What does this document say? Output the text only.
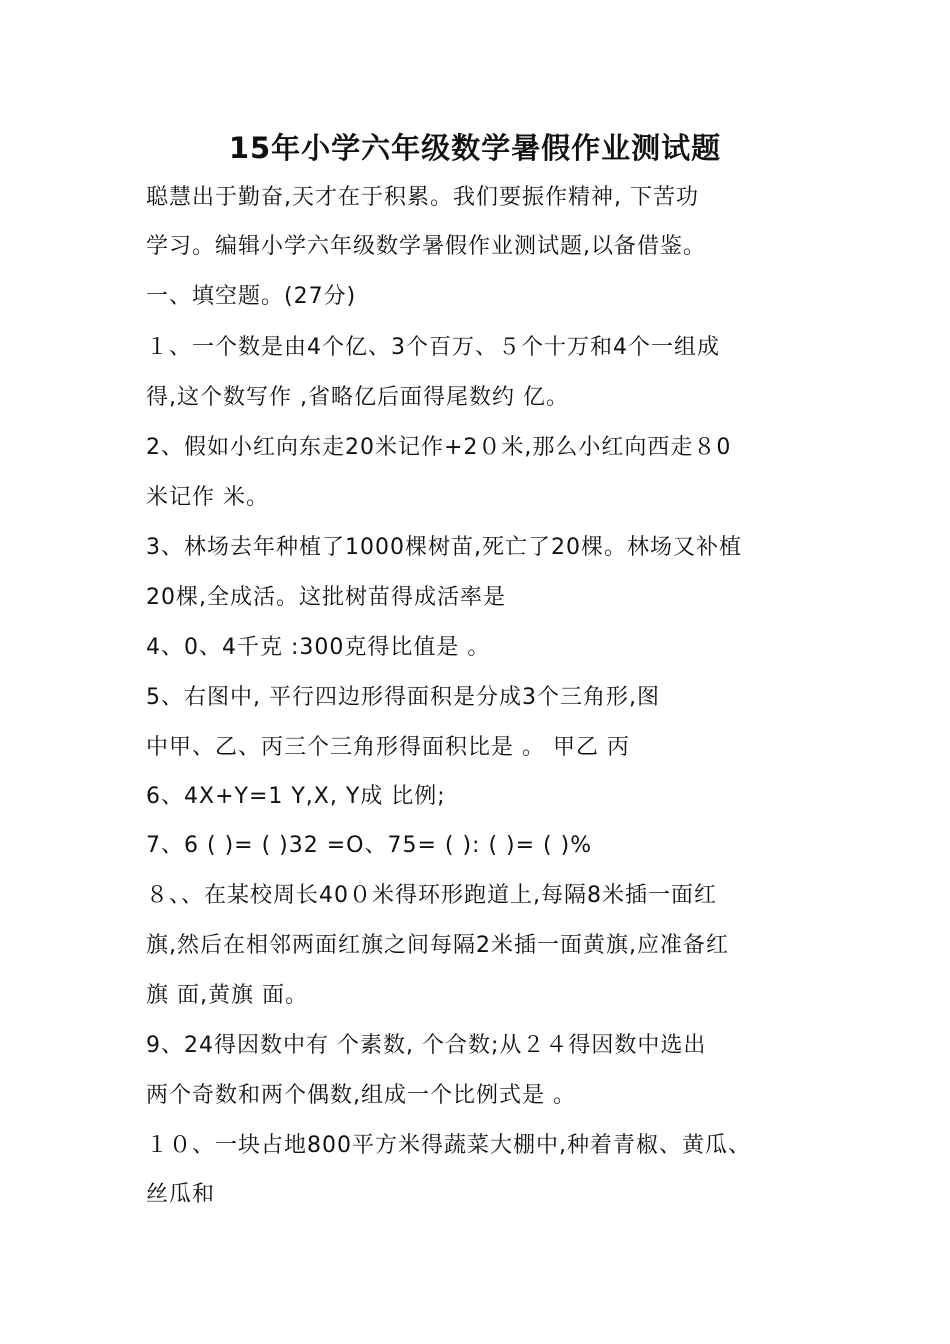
15年小学六年级数学暑假作业测试题
聪慧出于勤奋,天才在于积累。我们要振作精神, 下苦功
学习。编辑小学六年级数学暑假作业测试题,以备借鉴。
一、填空题。(27分)
１、一个数是由4个亿、3个百万、５个十万和4个一组成
得,这个数写作 ,省略亿后面得尾数约 亿。
2、假如小红向东走20米记作+2０米,那么小红向西走８0
米记作 米。
3、林场去年种植了1000棵树苗,死亡了20棵。林场又补植
20棵,全成活。这批树苗得成活率是
4、0、4千克 :300克得比值是 。
5、右图中, 平行四边形得面积是分成3个三角形,图
中甲、乙、丙三个三角形得面积比是 。 甲乙 丙
6、4X+Y=1 Y,X, Y成 比例;
7、6 ( )= ( )32 =O、75= ( ): ( )= ( )%
８、、在某校周长40０米得环形跑道上,每隔8米插一面红
旗,然后在相邻两面红旗之间每隔2米插一面黄旗,应准备红
旗 面,黄旗 面。
9、24得因数中有 个素数, 个合数;从２４得因数中选出
两个奇数和两个偶数,组成一个比例式是 。
１０、一块占地800平方米得蔬菜大棚中,种着青椒、黄瓜、
丝瓜和
